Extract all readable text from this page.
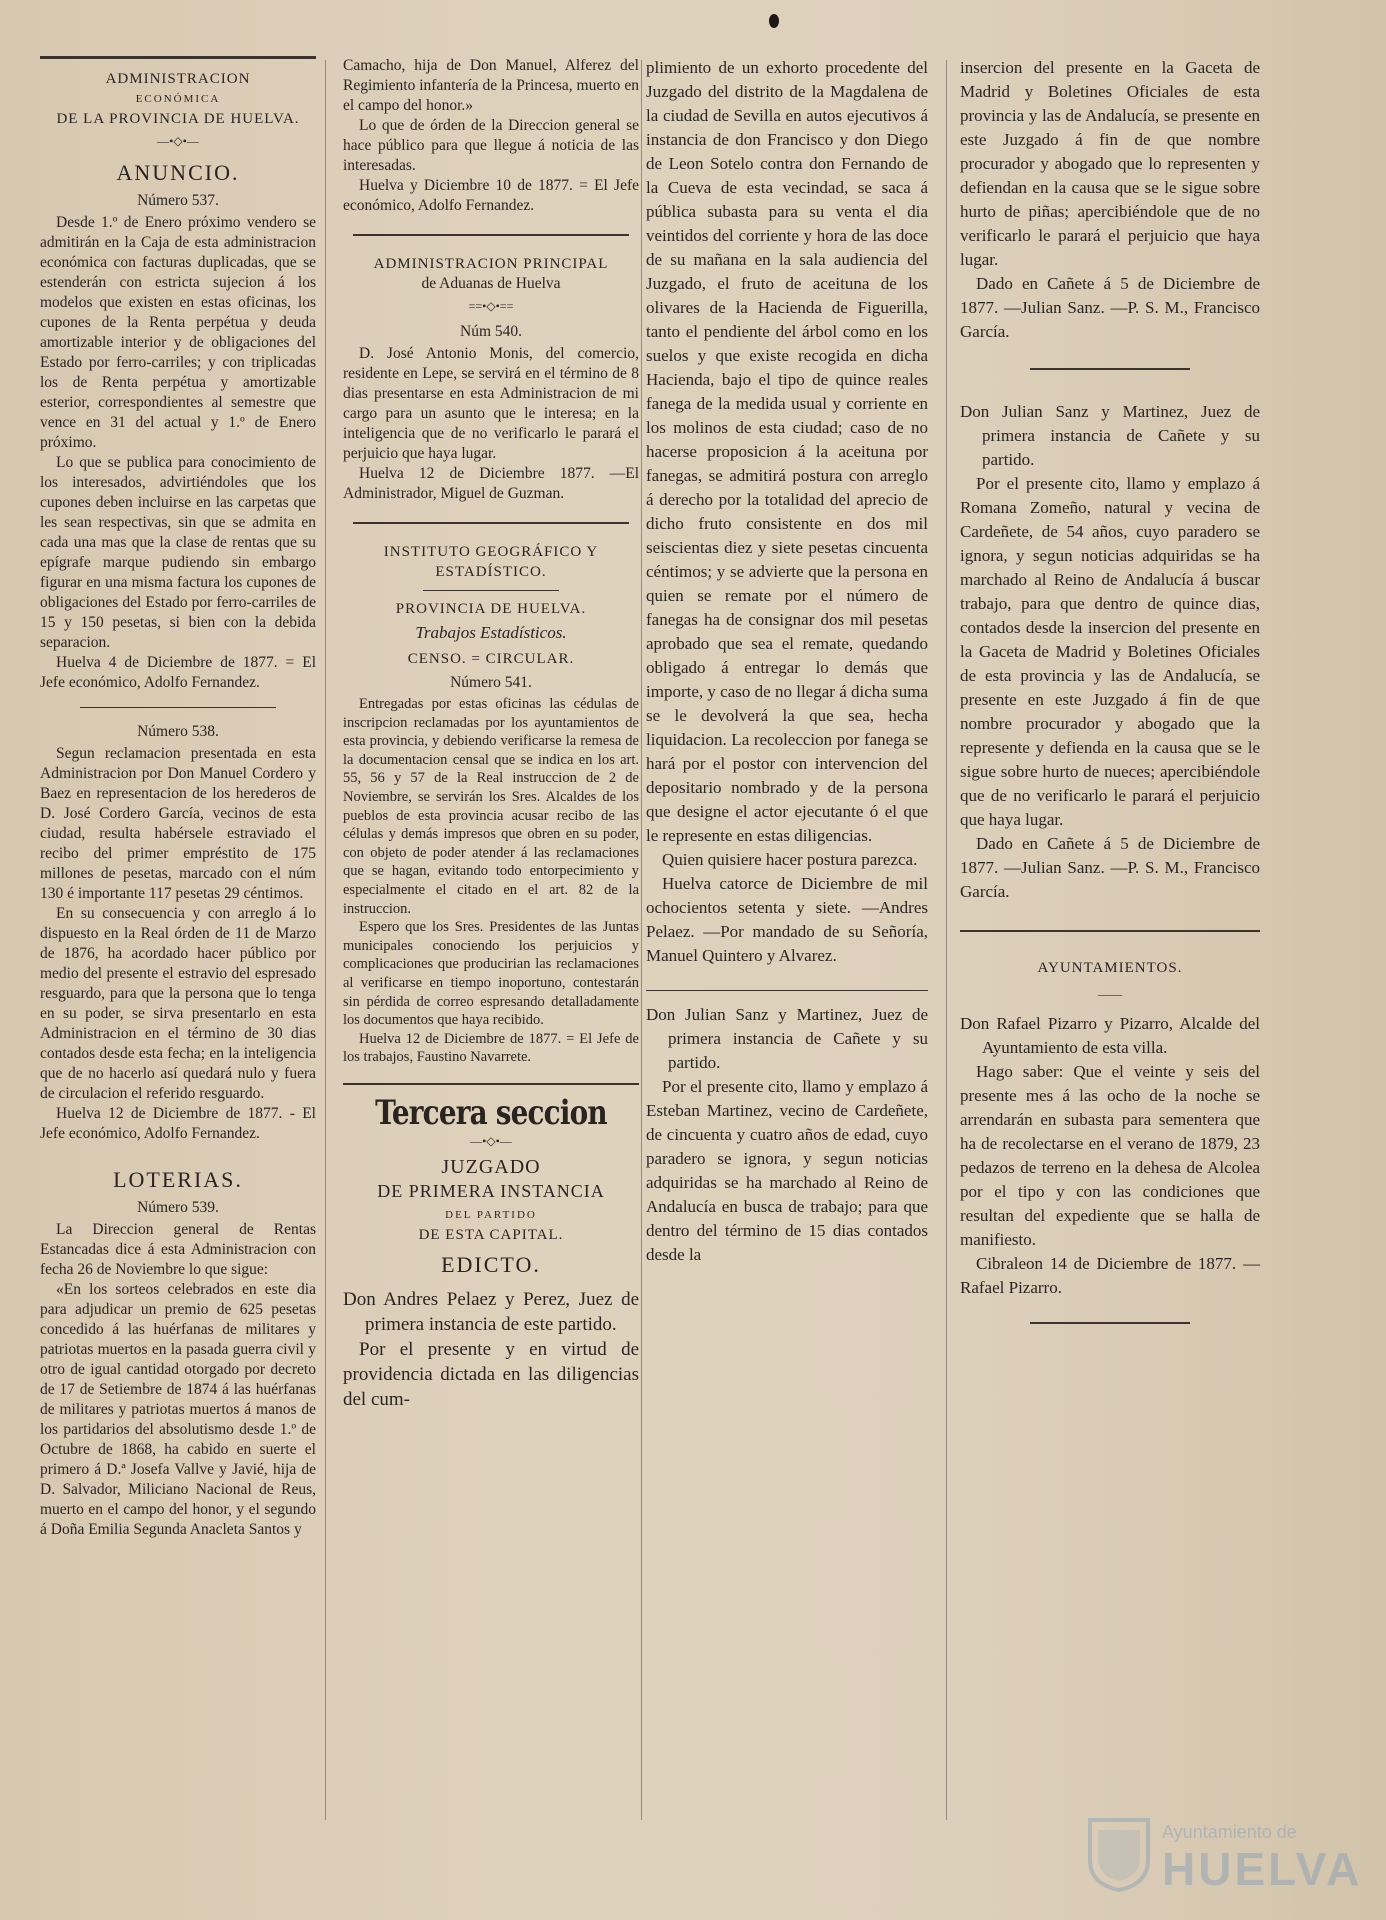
ADMINISTRACION
ECONÓMICA
DE LA PROVINCIA DE HUELVA.
—•◇•—
ANUNCIO.
Número 537.

Desde 1.º de Enero próximo vendero se admitirán en la Caja de esta administracion económica con facturas duplicadas, que se estenderán con estricta sujecion á los modelos que existen en estas oficinas, los cupones de la Renta perpétua y deuda amortizable interior y de obligaciones del Estado por ferro-carriles; y con triplicadas los de Renta perpétua y amortizable esterior, correspondientes al semestre que vence en 31 del actual y 1.º de Enero próximo.

Lo que se publica para conocimiento de los interesados, advirtiéndoles que los cupones deben incluirse en las carpetas que les sean respectivas, sin que se admita en cada una mas que la clase de rentas que su epígrafe marque pudiendo sin embargo figurar en una misma factura los cupones de obligaciones del Estado por ferro-carriles de 15 y 150 pesetas, si bien con la debida separacion.

Huelva 4 de Diciembre de 1877. = El Jefe económico, Adolfo Fernandez.

Número 538.

Segun reclamacion presentada en esta Administracion por Don Manuel Cordero y Baez en representacion de los herederos de D. José Cordero García, vecinos de esta ciudad, resulta habérsele estraviado el recibo del primer empréstito de 175 millones de pesetas, marcado con el núm 130 é importante 117 pesetas 29 céntimos.

En su consecuencia y con arreglo á lo dispuesto en la Real órden de 11 de Marzo de 1876, ha acordado hacer público por medio del presente el estravio del espresado resguardo, para que la persona que lo tenga en su poder, se sirva presentarlo en esta Administracion en el término de 30 dias contados desde esta fecha; en la inteligencia que de no hacerlo así quedará nulo y fuera de circulacion el referido resguardo.

Huelva 12 de Diciembre de 1877. - El Jefe económico, Adolfo Fernandez.

LOTERIAS.
Número 539.

La Direccion general de Rentas Estancadas dice á esta Administracion con fecha 26 de Noviembre lo que sigue:

«En los sorteos celebrados en este dia para adjudicar un premio de 625 pesetas concedido á las huérfanas de militares y patriotas muertos en la pasada guerra civil y otro de igual cantidad otorgado por decreto de 17 de Setiembre de 1874 á las huérfanas de militares y patriotas muertos á manos de los partidarios del absolutismo desde 1.º de Octubre de 1868, ha cabido en suerte el primero á D.ª Josefa Vallve y Javié, hija de D. Salvador, Miliciano Nacional de Reus, muerto en el campo del honor, y el segundo á Doña Emilia Segunda Anacleta Santos y

Camacho, hija de Don Manuel, Alferez del Regimiento infantería de la Princesa, muerto en el campo del honor.»

Lo que de órden de la Direccion general se hace público para que llegue á noticia de las interesadas.

Huelva y Diciembre 10 de 1877. = El Jefe económico, Adolfo Fernandez.

ADMINISTRACION PRINCIPAL
de Aduanas de Huelva
==•◇•==
Núm 540.

D. José Antonio Monis, del comercio, residente en Lepe, se servirá en el término de 8 dias presentarse en esta Administracion de mi cargo para un asunto que le interesa; en la inteligencia que de no verificarlo le parará el perjuicio que haya lugar.

Huelva 12 de Diciembre 1877. —El Administrador, Miguel de Guzman.

INSTITUTO GEOGRÁFICO Y ESTADÍSTICO.
PROVINCIA DE HUELVA.
Trabajos Estadísticos.
CENSO. = CIRCULAR.
Número 541.

Entregadas por estas oficinas las cédulas de inscripcion reclamadas por los ayuntamientos de esta provincia, y debiendo verificarse la remesa de la documentacion censal que se indica en los art. 55, 56 y 57 de la Real instruccion de 2 de Noviembre, se servirán los Sres. Alcaldes de los pueblos de esta provincia acusar recibo de las células y demás impresos que obren en su poder, con objeto de poder atender á las reclamaciones que se hagan, evitando todo entorpecimiento y especialmente el citado en el art. 82 de la instruccion.

Espero que los Sres. Presidentes de las Juntas municipales conociendo los perjuicios y complicaciones que producirian las reclamaciones al verificarse en tiempo inoportuno, contestarán sin pérdida de correo espresando detalladamente los documentos que haya recibido.

Huelva 12 de Diciembre de 1877. = El Jefe de los trabajos, Faustino Navarrete.

Tercera seccion
—•◇•—
JUZGADO
DE PRIMERA INSTANCIA
DEL PARTIDO
DE ESTA CAPITAL.
EDICTO.

Don Andres Pelaez y Perez, Juez de primera instancia de este partido.

Por el presente y en virtud de providencia dictada en las diligencias del cum-

plimiento de un exhorto procedente del Juzgado del distrito de la Magdalena de la ciudad de Sevilla en autos ejecutivos á instancia de don Francisco y don Diego de Leon Sotelo contra don Fernando de la Cueva de esta vecindad, se saca á pública subasta para su venta el dia veintidos del corriente y hora de las doce de su mañana en la sala audiencia del Juzgado, el fruto de aceituna de los olivares de la Hacienda de Figuerilla, tanto el pendiente del árbol como en los suelos y que existe recogida en dicha Hacienda, bajo el tipo de quince reales fanega de la medida usual y corriente en los molinos de esta ciudad; caso de no hacerse proposicion á la aceituna por fanegas, se admitirá postura con arreglo á derecho por la totalidad del aprecio de dicho fruto consistente en dos mil seiscientas diez y siete pesetas cincuenta céntimos; y se advierte que la persona en quien se remate por el número de fanegas ha de consignar dos mil pesetas aprobado que sea el remate, quedando obligado á entregar lo demás que importe, y caso de no llegar á dicha suma se le devolverá la que sea, hecha liquidacion. La recoleccion por fanega se hará por el postor con intervencion del depositario nombrado y de la persona que designe el actor ejecutante ó el que le represente en estas diligencias.

Quien quisiere hacer postura parezca.

Huelva catorce de Diciembre de mil ochocientos setenta y siete. —Andres Pelaez. —Por mandado de su Señoría, Manuel Quintero y Alvarez.

Don Julian Sanz y Martinez, Juez de primera instancia de Cañete y su partido.

Por el presente cito, llamo y emplazo á Esteban Martinez, vecino de Cardeñete, de cincuenta y cuatro años de edad, cuyo paradero se ignora, y segun noticias adquiridas se ha marchado al Reino de Andalucía en busca de trabajo; para que dentro del término de 15 dias contados desde la

insercion del presente en la Gaceta de Madrid y Boletines Oficiales de esta provincia y las de Andalucía, se presente en este Juzgado á fin de que nombre procurador y abogado que lo representen y defiendan en la causa que se le sigue sobre hurto de piñas; apercibiéndole que de no verificarlo le parará el perjuicio que haya lugar.

Dado en Cañete á 5 de Diciembre de 1877. —Julian Sanz. —P. S. M., Francisco García.

Don Julian Sanz y Martinez, Juez de primera instancia de Cañete y su partido.

Por el presente cito, llamo y emplazo á Romana Zomeño, natural y vecina de Cardeñete, de 54 años, cuyo paradero se ignora, y segun noticias adquiridas se ha marchado al Reino de Andalucía á buscar trabajo, para que dentro de quince dias, contados desde la insercion del presente en la Gaceta de Madrid y Boletines Oficiales de esta provincia y las de Andalucía, se presente en este Juzgado á fin de que nombre procurador y abogado que la represente y defienda en la causa que se le sigue sobre hurto de nueces; apercibiéndole que de no verificarlo le parará el perjuicio que haya lugar.

Dado en Cañete á 5 de Diciembre de 1877. —Julian Sanz. —P. S. M., Francisco García.

AYUNTAMIENTOS.
——

Don Rafael Pizarro y Pizarro, Alcalde del Ayuntamiento de esta villa.

Hago saber: Que el veinte y seis del presente mes á las ocho de la noche se arrendarán en subasta para sementera que ha de recolectarse en el verano de 1879, 23 pedazos de terreno en la dehesa de Alcolea por el tipo y con las condiciones que resultan del expediente que se halla de manifiesto.

Cibraleon 14 de Diciembre de 1877. —Rafael Pizarro.

Ayuntamiento de
HUELVA
